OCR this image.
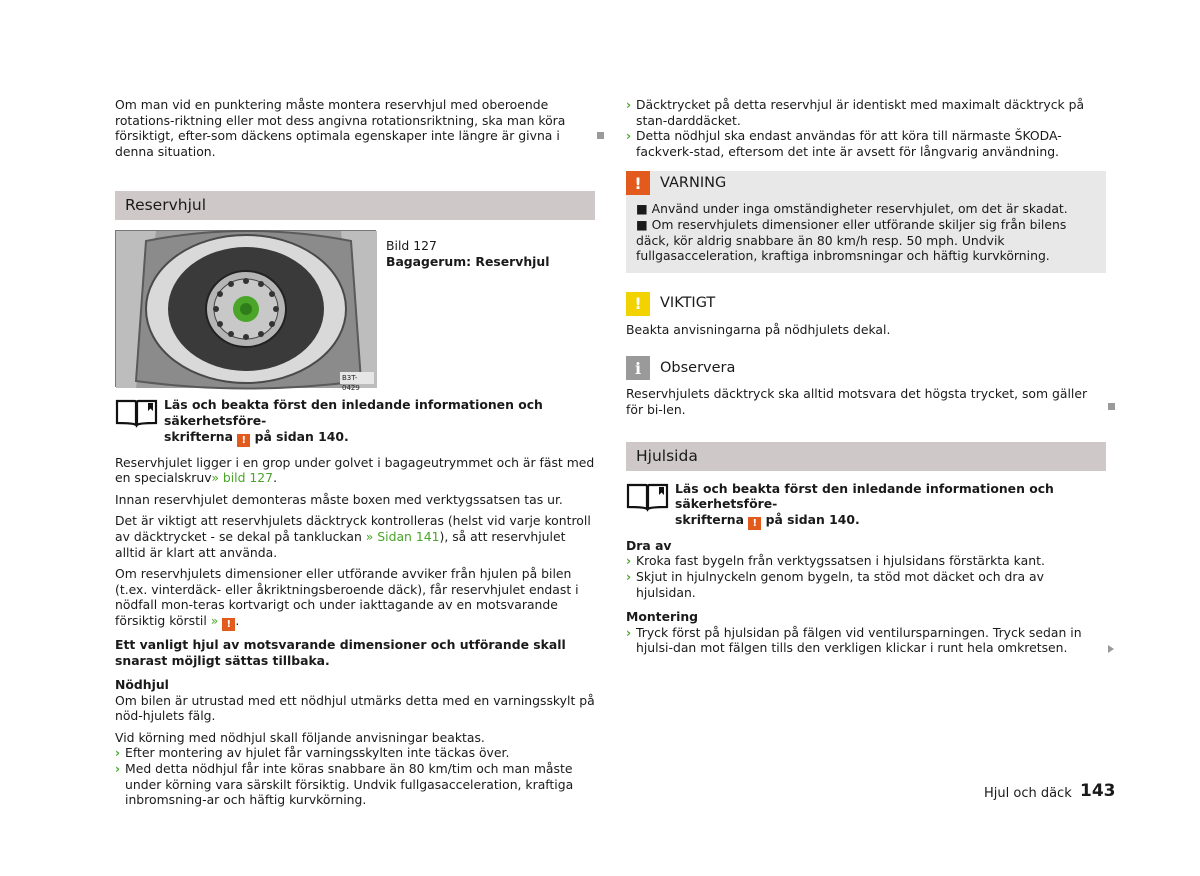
Om man vid en punktering måste montera reservhjul med oberoende rotations-riktning eller mot dess angivna rotationsriktning, ska man köra försiktigt, efter-som däckens optimala egenskaper inte längre är givna i denna situation.

Reservhjul
B3T-0429

Bild 127

Bagagerum: Reservhjul

Läs och beakta först den inledande informationen och säkerhetsföre-

skrifterna ! på sidan 140.

Reservhjulet ligger i en grop under golvet i bagageutrymmet och är fäst med en specialskruv» bild 127.

Innan reservhjulet demonteras måste boxen med verktygssatsen tas ur.

Det är viktigt att reservhjulets däcktryck kontrolleras (helst vid varje kontroll av däcktrycket - se dekal på tankluckan » Sidan 141), så att reservhjulet alltid är klart att använda.

Om reservhjulets dimensioner eller utförande avviker från hjulen på bilen (t.ex. vinterdäck- eller åkriktningsberoende däck), får reservhjulet endast i nödfall mon-teras kortvarigt och under iakttagande av en motsvarande försiktig körstil » ! .

Ett vanligt hjul av motsvarande dimensioner och utförande skall snarast möjligt sättas tillbaka.

Nödhjul

Om bilen är utrustad med ett nödhjul utmärks detta med en varningsskylt på nöd-hjulets fälg.

Vid körning med nödhjul skall följande anvisningar beaktas.

› Efter montering av hjulet får varningsskylten inte täckas över.
› Med detta nödhjul får inte köras snabbare än 80 km/tim och man måste under körning vara särskilt försiktig. Undvik fullgasacceleration, kraftiga inbromsning-ar och häftig kurvkörning.
› Däcktrycket på detta reservhjul är identiskt med maximalt däcktryck på stan-darddäcket.
› Detta nödhjul ska endast användas för att köra till närmaste ŠKODA-fackverk-stad, eftersom det inte är avsett för långvarig användning.
!	VARNING

■ Använd under inga omständigheter reservhjulet, om det är skadat.

■ Om reservhjulets dimensioner eller utförande skiljer sig från bilens däck, kör aldrig snabbare än 80 km/h resp. 50 mph. Undvik fullgasacceleration, kraftiga inbromsningar och häftig kurvkörning.

!	VIKTIGT

Beakta anvisningarna på nödhjulets dekal.

i	Observera

Reservhjulets däcktryck ska alltid motsvara det högsta trycket, som gäller för bi-len.

Hjulsida

Läs och beakta först den inledande informationen och säkerhetsföre-

skrifterna ! på sidan 140.

Dra av

› Kroka fast bygeln från verktygssatsen i hjulsidans förstärkta kant.
› Skjut in hjulnyckeln genom bygeln, ta stöd mot däcket och dra av hjulsidan.

Montering

› Tryck först på hjulsidan på fälgen vid ventilursparningen. Tryck sedan in hjulsi-dan mot fälgen tills den verkligen klickar i runt hela omkretsen.
Hjul och däck 143
